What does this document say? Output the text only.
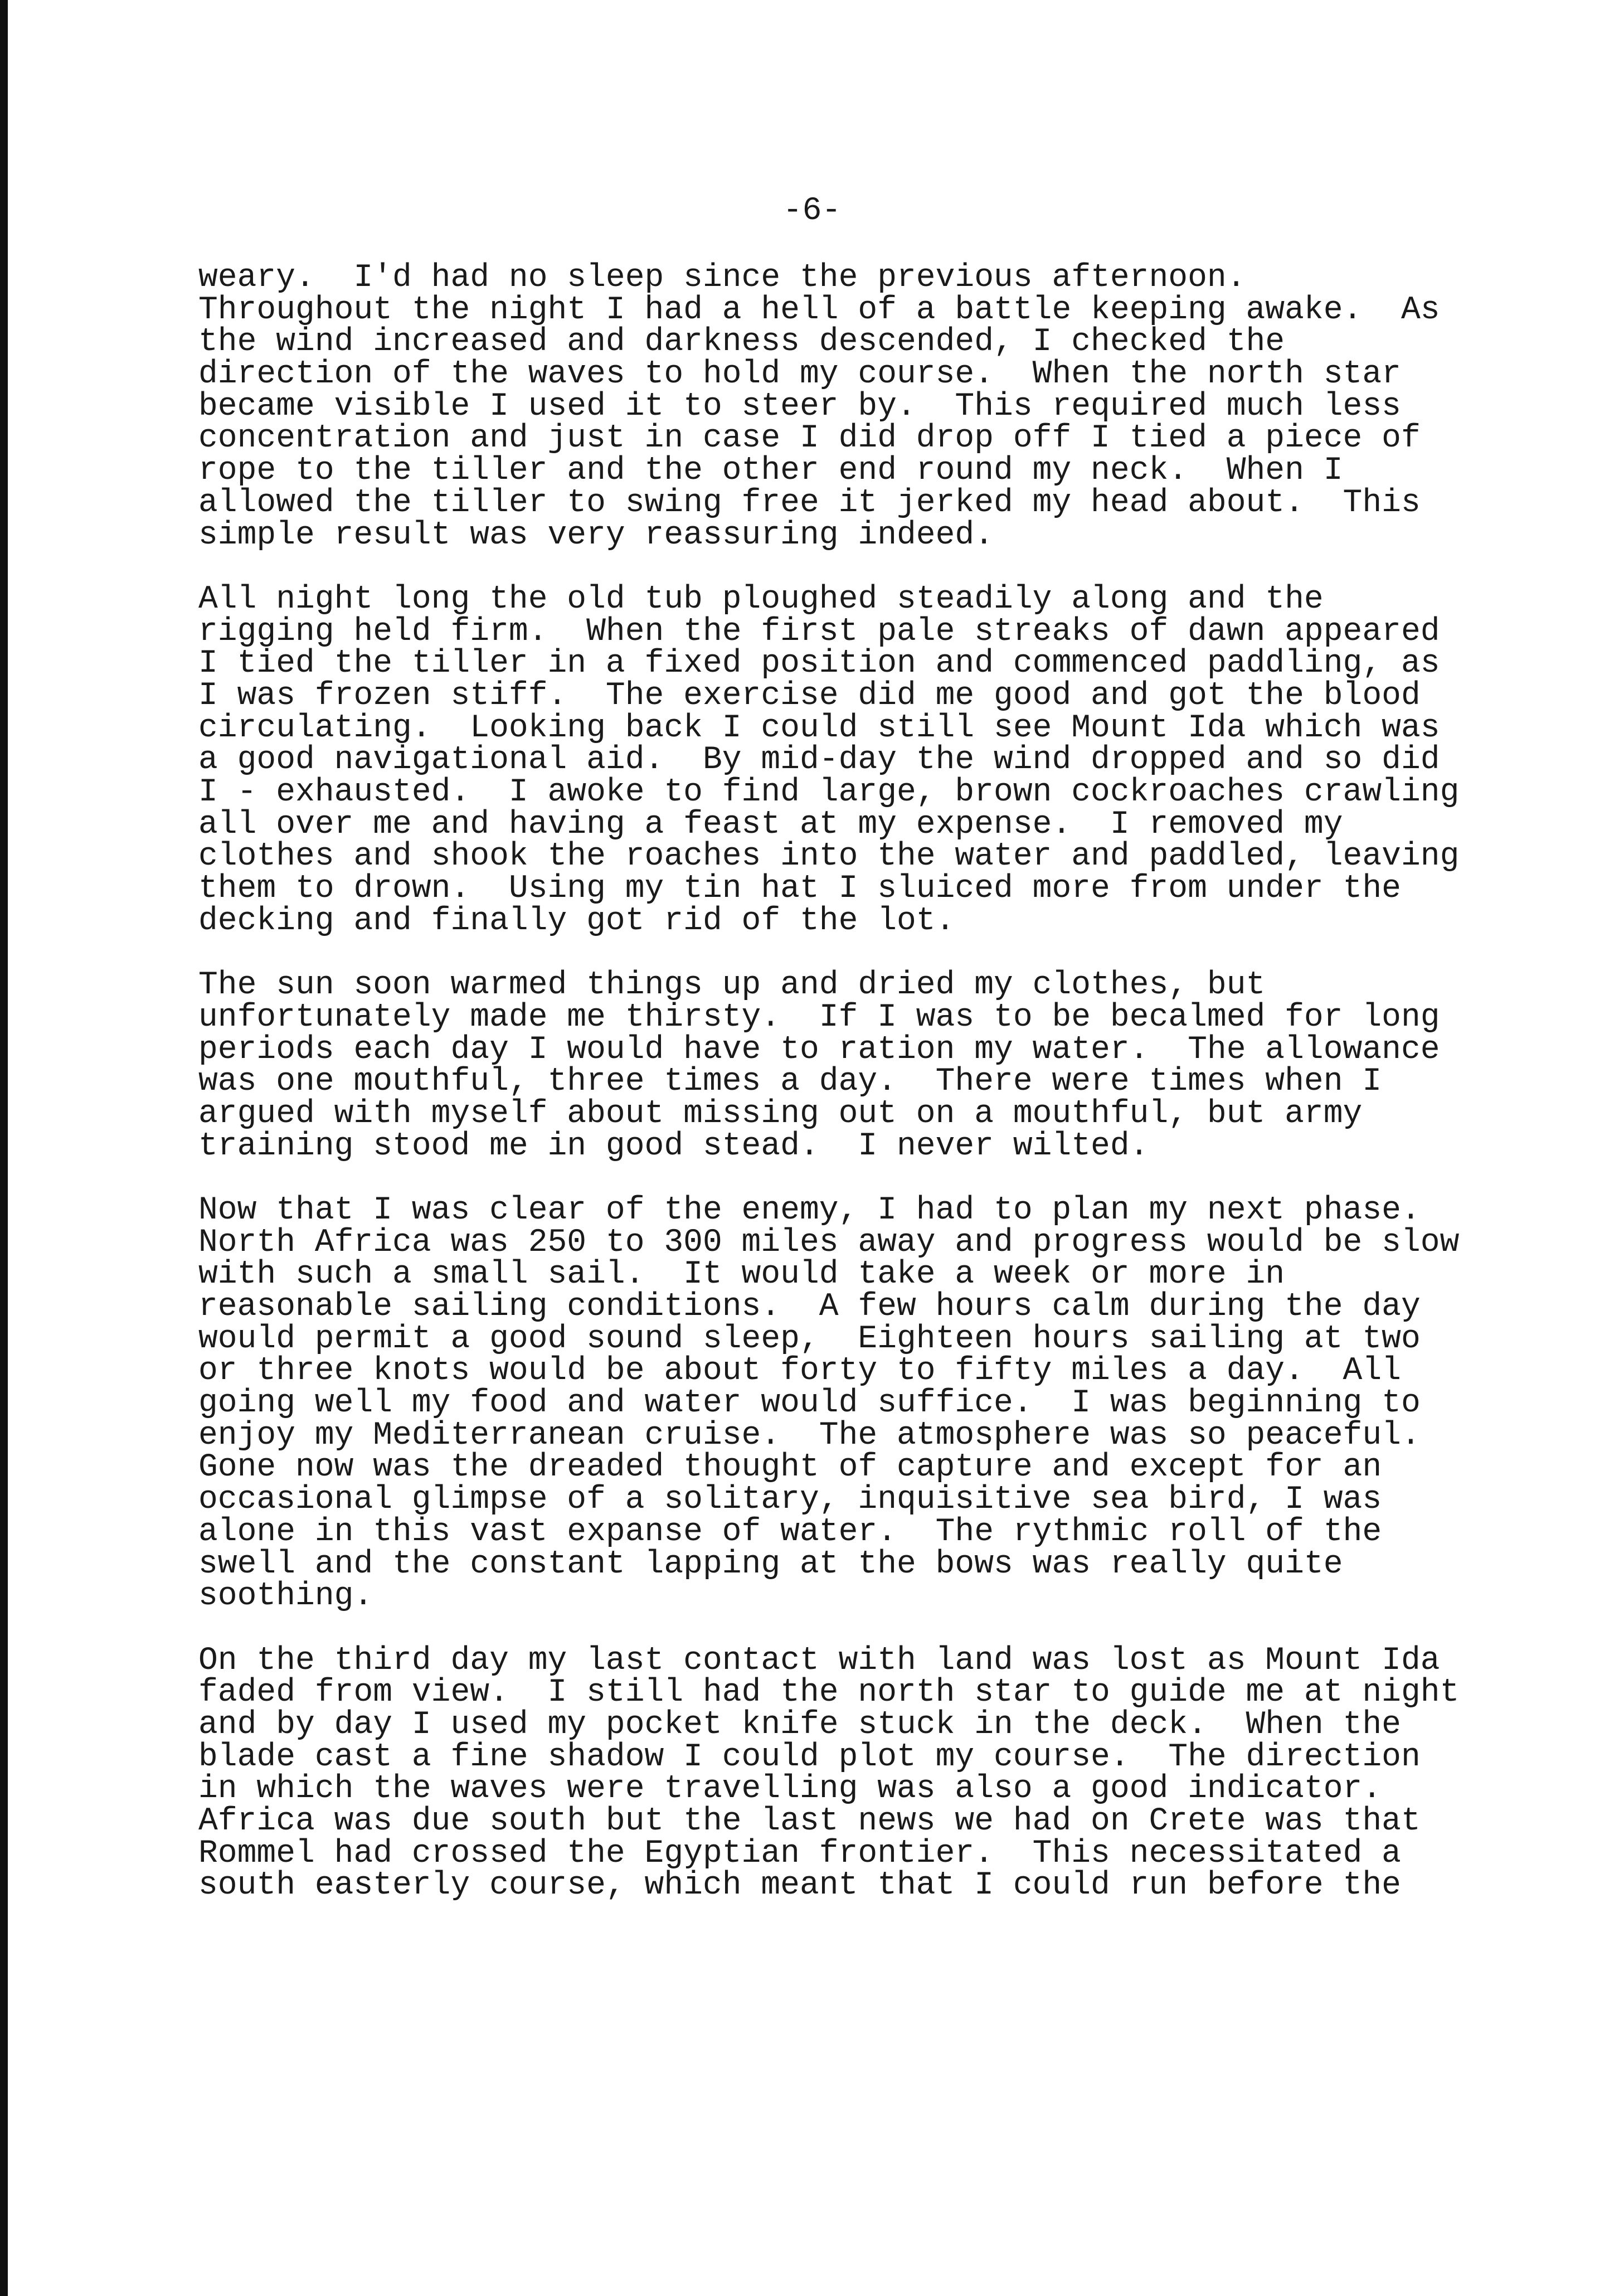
-6-
weary.  I'd had no sleep since the previous afternoon.
Throughout the night I had a hell of a battle keeping awake.  As
the wind increased and darkness descended, I checked the
direction of the waves to hold my course.  When the north star
became visible I used it to steer by.  This required much less
concentration and just in case I did drop off I tied a piece of
rope to the tiller and the other end round my neck.  When I
allowed the tiller to swing free it jerked my head about.  This
simple result was very reassuring indeed.
All night long the old tub ploughed steadily along and the
rigging held firm.  When the first pale streaks of dawn appeared
I tied the tiller in a fixed position and commenced paddling, as
I was frozen stiff.  The exercise did me good and got the blood
circulating.  Looking back I could still see Mount Ida which was
a good navigational aid.  By mid-day the wind dropped and so did
I - exhausted.  I awoke to find large, brown cockroaches crawling
all over me and having a feast at my expense.  I removed my
clothes and shook the roaches into the water and paddled, leaving
them to drown.  Using my tin hat I sluiced more from under the
decking and finally got rid of the lot.
The sun soon warmed things up and dried my clothes, but
unfortunately made me thirsty.  If I was to be becalmed for long
periods each day I would have to ration my water.  The allowance
was one mouthful, three times a day.  There were times when I
argued with myself about missing out on a mouthful, but army
training stood me in good stead.  I never wilted.
Now that I was clear of the enemy, I had to plan my next phase.
North Africa was 250 to 300 miles away and progress would be slow
with such a small sail.  It would take a week or more in
reasonable sailing conditions.  A few hours calm during the day
would permit a good sound sleep,  Eighteen hours sailing at two
or three knots would be about forty to fifty miles a day.  All
going well my food and water would suffice.  I was beginning to
enjoy my Mediterranean cruise.  The atmosphere was so peaceful.
Gone now was the dreaded thought of capture and except for an
occasional glimpse of a solitary, inquisitive sea bird, I was
alone in this vast expanse of water.  The rythmic roll of the
swell and the constant lapping at the bows was really quite
soothing.
On the third day my last contact with land was lost as Mount Ida
faded from view.  I still had the north star to guide me at night
and by day I used my pocket knife stuck in the deck.  When the
blade cast a fine shadow I could plot my course.  The direction
in which the waves were travelling was also a good indicator.
Africa was due south but the last news we had on Crete was that
Rommel had crossed the Egyptian frontier.  This necessitated a
south easterly course, which meant that I could run before the
